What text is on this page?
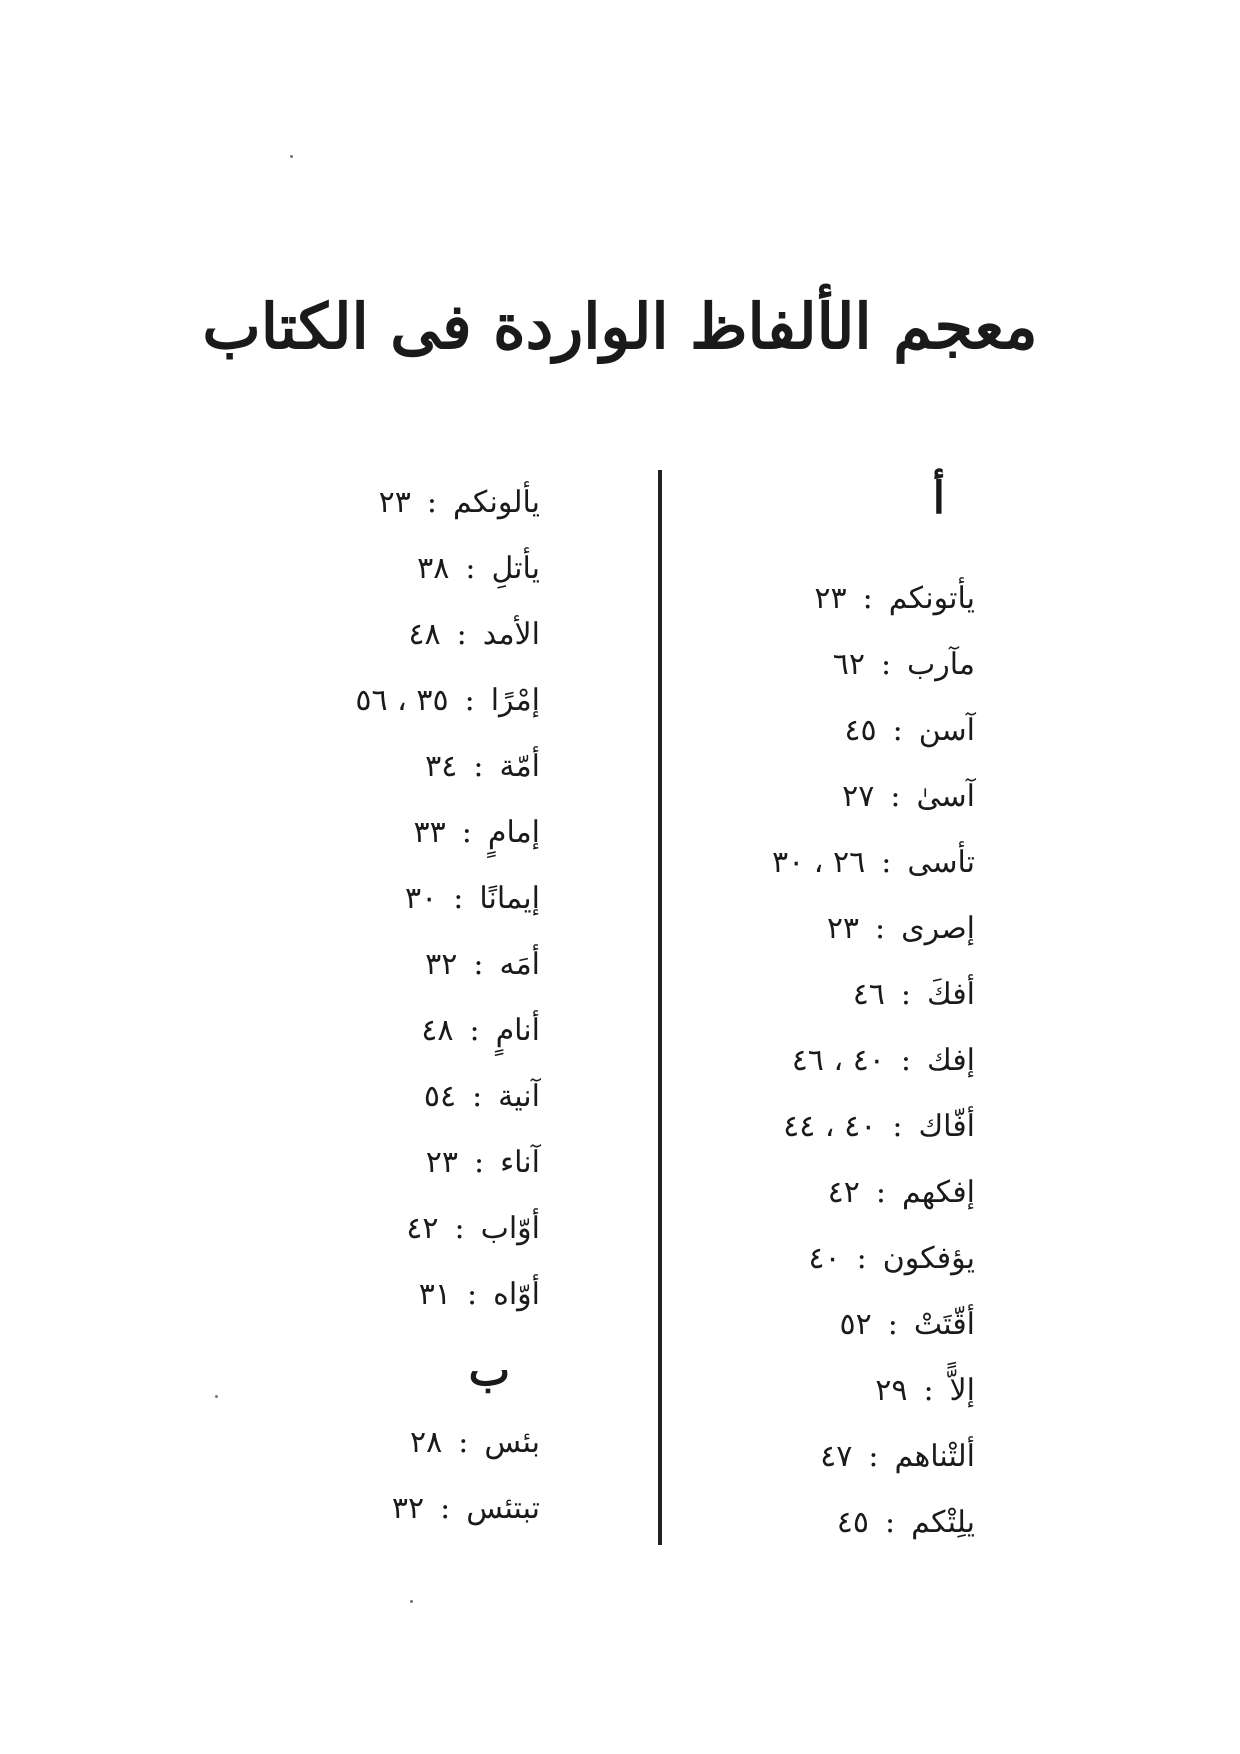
معجم الألفاظ الواردة فى الكتاب
أ
يأتونكم:٢٣
مآرب:٦٢
آسن:٤٥
آسىٰ:٢٧
تأسى:٢٦ ، ٣٠
إصرى:٢٣
أفكَ:٤٦
إفك:٤٠ ، ٤٦
أفّاك:٤٠ ، ٤٤
إفكهم:٤٢
يؤفكون:٤٠
أقّتَتْ:٥٢
إلاًّ:٢٩
ألتْناهم:٤٧
يلِتْكم:٤٥
يألونكم:٢٣
يأتلِ:٣٨
الأمد:٤٨
إمْرًا:٣٥ ، ٥٦
أمّة:٣٤
إمامٍ:٣٣
إيمانًا:٣٠
أمَه:٣٢
أنامٍ:٤٨
آنية:٥٤
آناء:٢٣
أوّاب:٤٢
أوّاه:٣١
ب
بئس:٢٨
تبتئس:٣٢
